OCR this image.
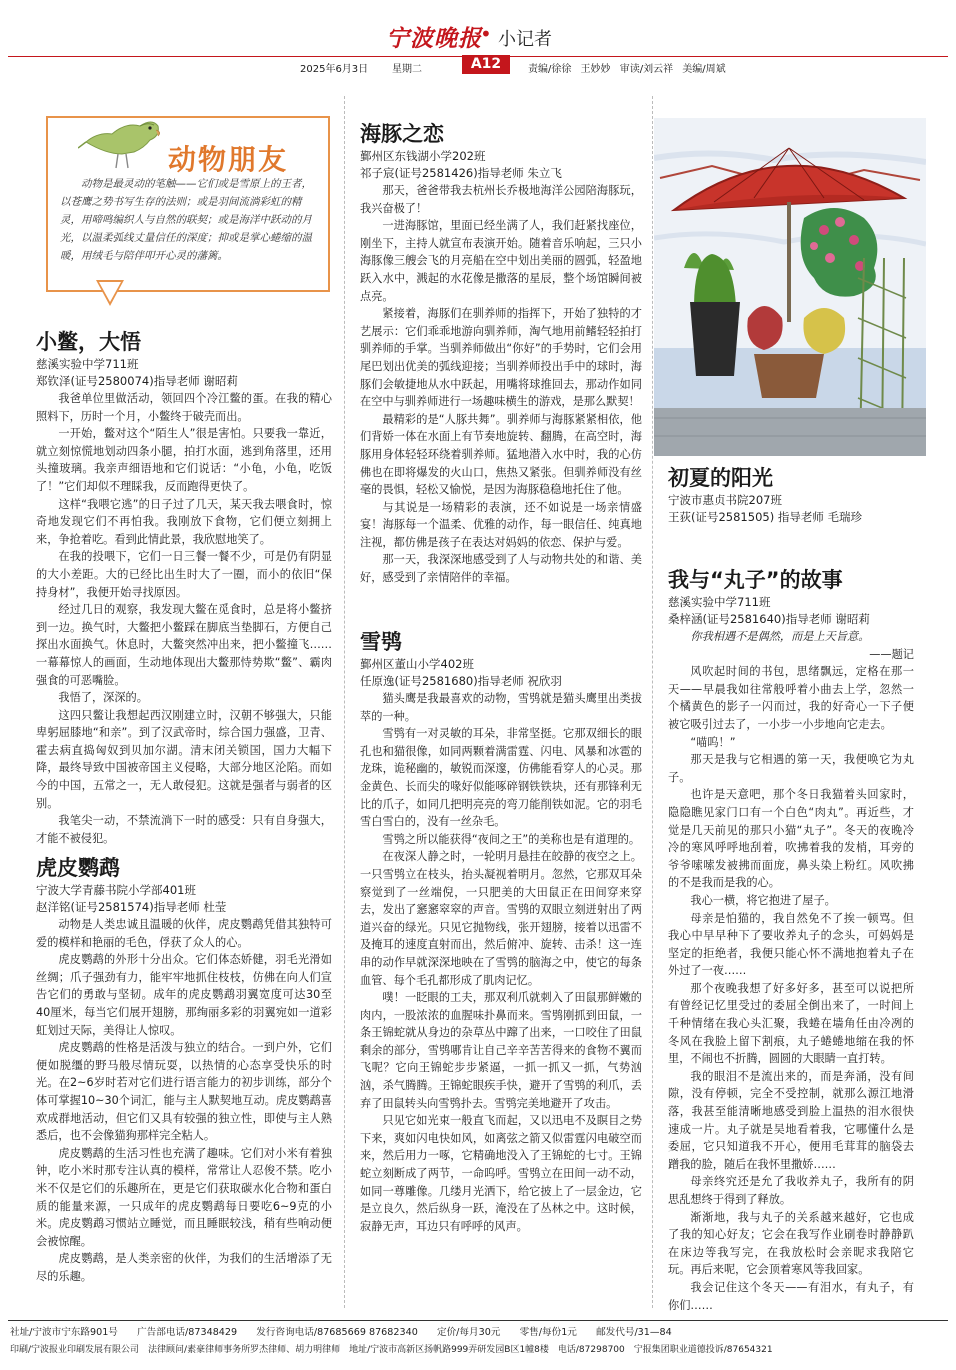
宁波晚报
• 小记者
2025年6月3日 星期二	A12	责编/徐徐 王妙妙 审读/刘云祥 美编/周斌
动物朋友
动物是最灵动的笔触——它们或是雪原上的王者，以苍鹰之势书写生存的法则；或是羽间流淌彩虹的精灵，用啼鸣编织人与自然的联契；或是海洋中跃动的月光，以温柔弧线丈量信任的深度；抑或是掌心蜷缩的温暖，用绒毛与陪伴叩开心灵的藩篱。
小鳖，大悟
慈溪实验中学711班
郑钦泽(证号2580074)指导老师 谢昭莉

我爸单位里做活动，领回四个冷江鳖的蛋。在我的精心照料下，历时一个月，小鳖终于破壳而出。

一开始，鳖对这个“陌生人”很是害怕。只要我一靠近，就立刻惊慌地划动四条小腿，拍打水面，逃到角落里，还用头撞玻璃。我亲声细语地和它们说话：“小龟，小龟，吃饭了！”它们却似不理睬我，反而跑得更快了。

这样“我喂它逃”的日子过了几天，某天我去喂食时，惊奇地发现它们不再怕我。我刚放下食物，它们便立刻拥上来，争抢着吃。看到此情此景，我欣慰地笑了。

在我的投喂下，它们一日三餐一餐不少，可是仍有阴显的大小差距。大的已经比出生时大了一圈，而小的依旧“保持身材”，我便开始寻找原因。

经过几日的观察，我发现大鳖在觅食时，总是将小鳖挤到一边。换气时，大鳖把小鳖踩在脚底当垫脚石，方便自己探出水面换气。休息时，大鳖突然冲出来，把小鳖撞飞……一幕幕惊人的画面，生动地体现出大鳖那恃势欺“鳖”、霸肉强食的可恶嘴脸。

我悟了，深深的。

这四只鳖让我想起西汉刚建立时，汉朝不够强大，只能卑躬屈膝地“和亲”。到了汉武帝时，综合国力强盛，卫青、霍去病直捣匈奴到贝加尔湖。清末闭关锁国，国力大幅下降，最终导致中国被帝国主义侵略，大部分地区沦陷。而如今的中国，五常之一，无人敢侵犯。这就是强者与弱者的区别。

我笔尖一动，不禁流淌下一时的感受：只有自身强大，才能不被侵犯。

虎皮鹦鹉
宁波大学青藤书院小学部401班
赵洋铭(证号2581574)指导老师 杜莹

动物是人类忠诚且温暖的伙伴，虎皮鹦鹉凭借其独特可爱的模样和艳丽的毛色，俘获了众人的心。

虎皮鹦鹉的外形十分出众。它们体态娇健，羽毛光滑如丝绸；爪子强劲有力，能牢牢地抓住枝枝，仿佛在向人们宣告它们的勇敢与坚韧。成年的虎皮鹦鹉羽翼宽度可达30至40厘米，每当它们展开翅膀，那绚丽多彩的羽翼宛如一道彩虹划过天际，美得让人惊叹。

虎皮鹦鹉的性格是活泼与独立的结合。一到户外，它们便如脱缰的野马般尽情玩耍，以热情的心态享受快乐的时光。在2~6岁时若对它们进行语言能力的初步训练，部分个体可掌握10~30个词汇，能与主人默契地互动。虎皮鹦鹉喜欢成群地活动，但它们又具有较强的独立性，即使与主人熟悉后，也不会像猫狗那样完全粘人。

虎皮鹦鹉的生活习性也充满了趣味。它们对小米有着独钟，吃小米时那专注认真的模样，常常让人忍俊不禁。吃小米不仅是它们的乐趣所在，更是它们获取碳水化合物和蛋白质的能量来源，一只成年的虎皮鹦鹉每日要吃6~9克的小米。虎皮鹦鹉习惯站立睡觉，而且睡眠较浅，稍有些响动便会被惊醒。

虎皮鹦鹉，是人类亲密的伙伴，为我们的生活增添了无尽的乐趣。

海豚之恋
鄞州区东钱湖小学202班
祁子宸(证号2581426)指导老师 朱立飞

那天，爸爸带我去杭州长乔极地海洋公园陪海豚玩，我兴奋极了！

一进海豚馆，里面已经坐满了人，我们赶紧找座位，刚坐下，主持人就宣布表演开始。随着音乐响起，三只小海豚像三艘会飞的月亮船在空中划出美丽的圆弧，轻盈地跃入水中，溅起的水花像是撒落的星辰，整个场馆瞬间被点亮。

紧接着，海豚们在驯养师的指挥下，开始了独特的才艺展示：它们乖乖地游向驯养师，淘气地用前鳍轻轻拍打驯养师的手掌。当驯养师做出“你好”的手势时，它们会用尾巴划出优美的弧线迎接；当驯养师投出手中的球时，海豚们会敏捷地从水中跃起，用嘴将球推回去，那动作如同在空中与驯养师进行一场趣味横生的游戏，是那么默契！

最精彩的是“人豚共舞”。驯养师与海豚紧紧相依，他们背娇一体在水面上有节奏地旋转、翻腾，在高空时，海豚用身体轻轻环绕着驯养师。猛地潜入水中时，我的心仿佛也在即将爆发的火山口，焦热又紧张。但驯养师没有丝毫的畏惧，轻松又愉悦，是因为海豚稳稳地托住了他。

与其说是一场精彩的表演，还不如说是一场亲情盛宴！海豚每一个温柔、优雅的动作，每一眼信任、纯真地注视，都仿佛是孩子在表达对妈妈的依恋、保护与爱。

那一天，我深深地感受到了人与动物共处的和谐、美好，感受到了亲情陪伴的幸福。

雪鸮
鄞州区董山小学402班
任原逸(证号2581680)指导老师 祝欣羽

猫头鹰是我最喜欢的动物，雪鸮就是猫头鹰里出类拔萃的一种。

雪鸮有一对灵敏的耳朵，非常坚挺。它那双细长的眼孔也和猫很像，如同两颗着满雷霆、闪电、风暴和冰雹的龙珠，诡秘幽的，敏锐而深邃，仿佛能看穿人的心灵。那金黄色、长而尖的喙好似能啄碎钢铁铁块，还有那锋利无比的爪子，如同几把明亮亮的弯刀能削铁如泥。它的羽毛雪白雪白的，没有一丝杂毛。

雪鸮之所以能获得“夜间之王”的美称也是有道理的。

在夜深人静之时，一轮明月悬挂在皎静的夜空之上。一只雪鸮立在枝头，抬头凝视着明月。忽然，它那双耳朵察觉到了一丝端倪，一只肥美的大田鼠正在田间穿来穿去，发出了窸窸窣窣的声音。雪鸮的双眼立刻迸射出了两道兴奋的绿光。只见它抛物线，张开翅膀，接着以迅雷不及掩耳的速度直射而出，然后俯冲、旋转、击杀！这一连串的动作早就深深地映在了雪鸮的脑海之中，使它的每条血管、每个毛孔都形成了肌肉记忆。

噗！一眨眼的工夫，那双利爪就刺入了田鼠那鲜嫩的肉内，一股浓浓的血腥味扑鼻而来。雪鸮刚抓到田鼠，一条王锦蛇就从身边的杂草丛中蹿了出来，一口咬住了田鼠剩余的部分，雪鸮哪肯让自己辛辛苦苦得来的食物不翼而飞呢？它向王锦蛇步步紧逼，一抓一抓又一抓，气势汹汹，杀气腾腾。王锦蛇眼疾手快，避开了雪鸮的利爪，丢弃了田鼠转头向雪鸮扑去。雪鸮完美地避开了攻击。

只见它如光束一般直飞而起，又以迅电不及瞑目之势下来，爽如闪电快如风，如离弦之箭又似雷霆闪电破空而来，然后用力一啄，它精确地没入了王锦蛇的七寸。王锦蛇立刻断成了两节，一命呜呼。雪鸮立在田间一动不动，如同一尊雕像。几缕月光洒下，给它披上了一层金边，它是立良久，然后纵身一跃，淹没在了丛林之中。这时候，寂静无声，耳边只有呼呼的风声。

初夏的阳光
宁波市惠贞书院207班
王荻(证号2581505) 指导老师 毛瑞珍
我与“丸子”的故事
慈溪实验中学711班
桑梓涵(证号2581640)指导老师 谢昭莉

你我相遇不是偶然，而是上天旨意。

——题记

风吹起时间的书包，思绪飘远，定格在那一天——早晨我如往常般呼着小曲去上学，忽然一个橘黄色的影子一闪而过，我的好奇心一下子便被它吸引过去了，一小步一小步地向它走去。

“喵呜！”

那天是我与它相遇的第一天，我便唤它为丸子。

也许是天意吧，那个冬日我猫着头回家时，隐隐瞧见家门口有一个白色“肉丸”。再近些，才觉是几天前见的那只小猫“丸子”。冬天的夜晚冷冷的寒风呼呼地刮着，吹拂着我的发梢，耳旁的爷爷嗦嗦发被拂而面庞，鼻头染上粉红。风吹拂的不是我而是我的心。

我心一横，将它抱进了屋子。

母亲是怕猫的，我自然免不了挨一顿骂。但我心中早早种下了要收养丸子的念头，可妈妈是坚定的拒绝者，我便只能心怀不满地抱着丸子在外过了一夜……

那个夜晚我想了好多好多，甚至可以说把所有曾经记忆里受过的委屈全倒出来了，一时间上千种情绪在我心头汇聚，我蜷在墙角任由冷冽的冬风在我脸上留下割痕，丸子蜷蜷地缩在我的怀里，不闹也不折腾，圆圆的大眼睛一直打转。

我的眼泪不是流出来的，而是奔涌，没有间隙，没有停顿，完全不受控制，就那么源江地滑落，我甚至能清晰地感受到脸上温热的泪水很快速成一片。丸子就是吴地看着我，它哪懂什么是委屈，它只知道我不开心，便用毛茸茸的脑袋去蹭我的脸，随后在我怀里撒娇……

母亲终究还是允了我收养丸子，我所有的阴思乱想终于得到了释放。

渐渐地，我与丸子的关系越来越好，它也成了我的知心好友；它会在我写作业刷卷时静静趴在床边等我写完，在我放松时会亲昵求我陪它玩。再后来呢，它会顶着寒风等我回家。

我会记住这个冬天——有泪水，有丸子，有你们……

社址/宁波市宁东路901号　　广告部电话/87348429　　发行咨询电话/87685669 87682340　　定价/每月30元　　零售/每份1元　　邮发代号/31—84
印刷/宁波报业印刷发展有限公司　法律顾问/素豪律师事务所罗杰律师、胡力明律师　地址/宁波市高新区扬帆路999弄研发园B区1幢8楼　电话/87298700　宁报集团职业道德投诉/87654321
